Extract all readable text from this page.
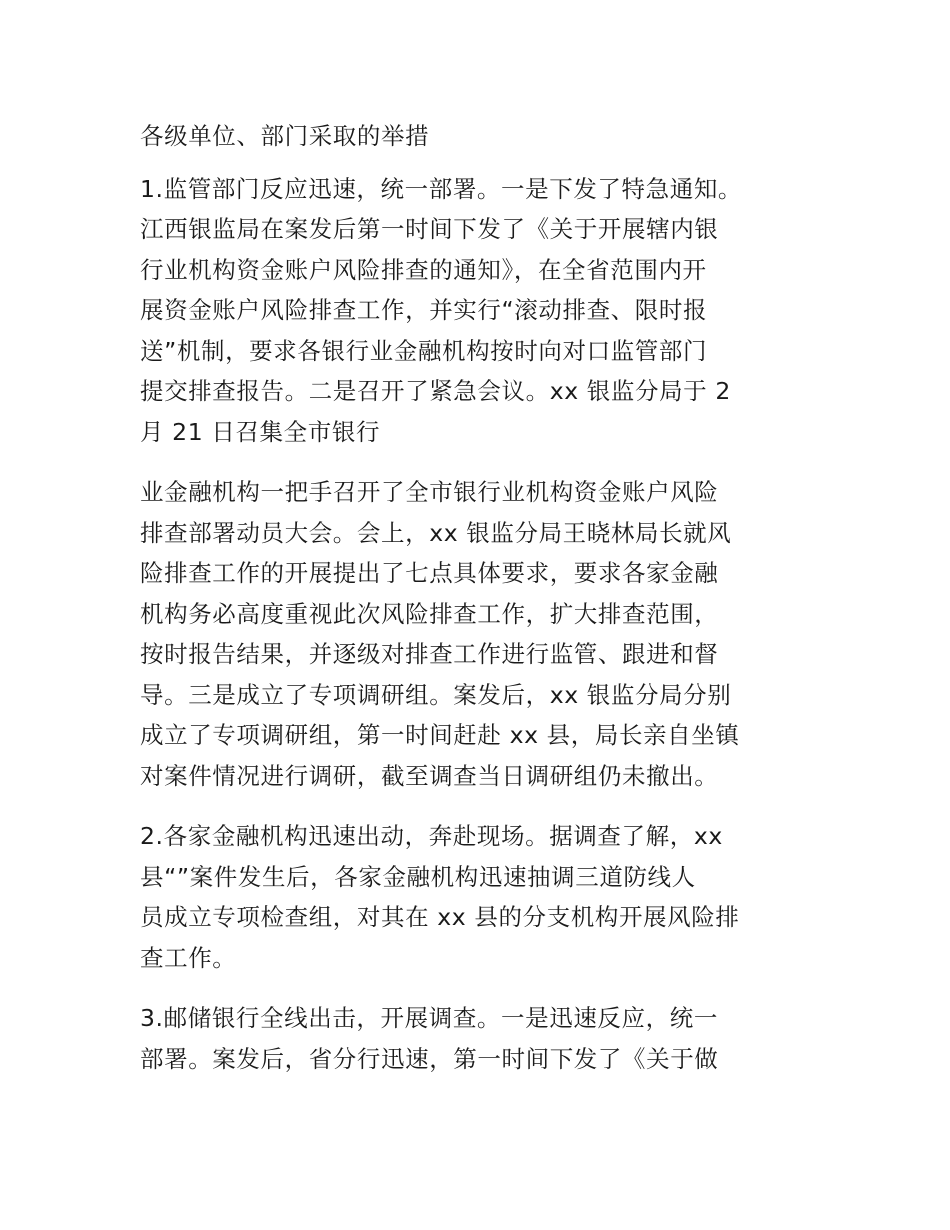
各级单位、部门采取的举措

1.监管部门反应迅速，统一部署。一是下发了特急通知。
江西银监局在案发后第一时间下发了《关于开展辖内银
行业机构资金账户风险排查的通知》，在全省范围内开
展资金账户风险排查工作，并实行“滚动排查、限时报
送”机制，要求各银行业金融机构按时向对口监管部门
提交排查报告。二是召开了紧急会议。xx 银监分局于 2
月 21 日召集全市银行

业金融机构一把手召开了全市银行业机构资金账户风险
排查部署动员大会。会上，xx 银监分局王晓林局长就风
险排查工作的开展提出了七点具体要求，要求各家金融
机构务必高度重视此次风险排查工作，扩大排查范围，
按时报告结果，并逐级对排查工作进行监管、跟进和督
导。三是成立了专项调研组。案发后，xx 银监分局分别
成立了专项调研组，第一时间赶赴 xx 县，局长亲自坐镇
对案件情况进行调研，截至调查当日调研组仍未撤出。

2.各家金融机构迅速出动，奔赴现场。据调查了解，xx
县“”案件发生后，各家金融机构迅速抽调三道防线人
员成立专项检查组，对其在 xx 县的分支机构开展风险排
查工作。

3.邮储银行全线出击，开展调查。一是迅速反应，统一
部署。案发后，省分行迅速，第一时间下发了《关于做
